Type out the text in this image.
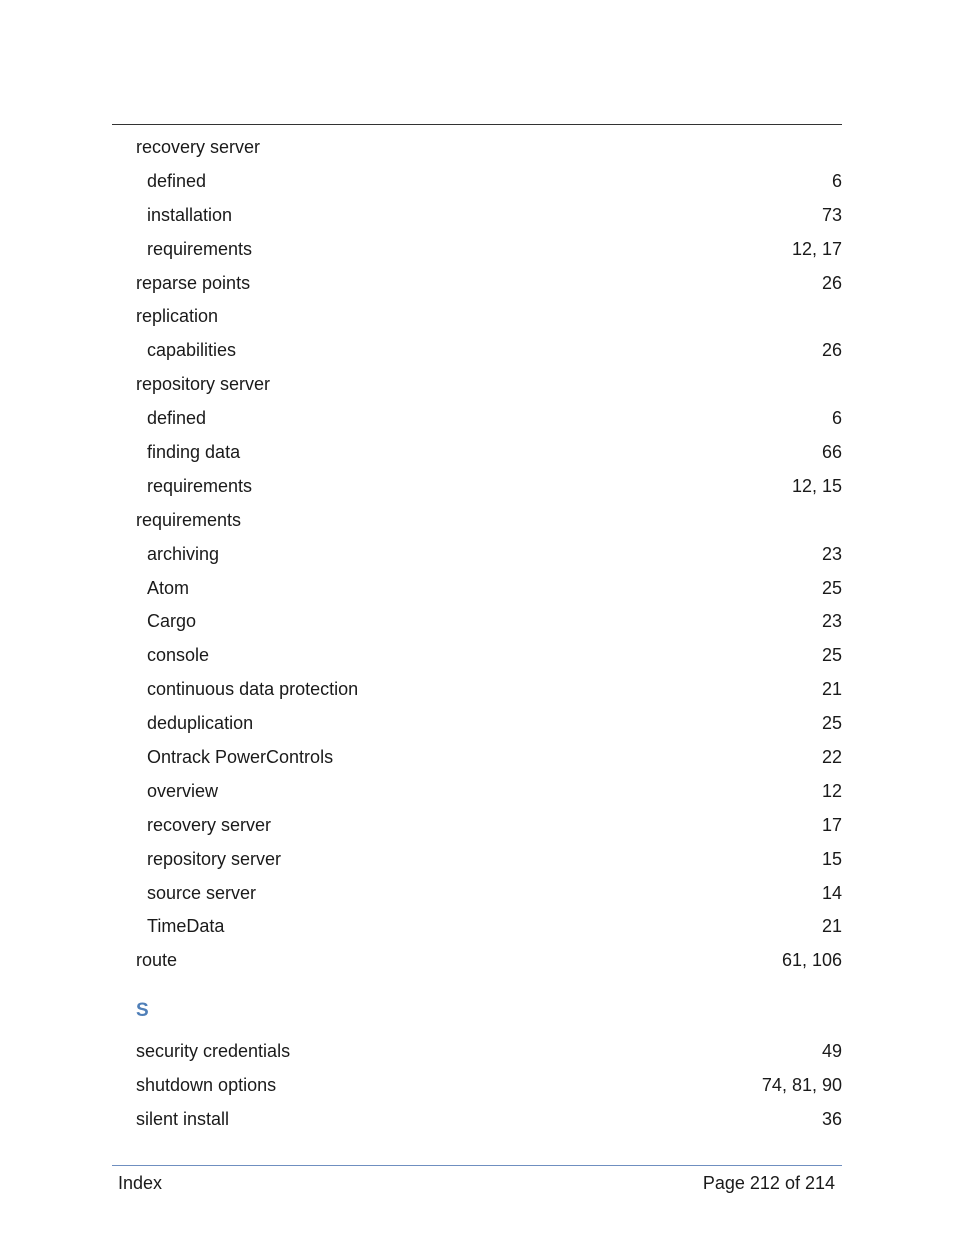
recovery server
defined	6
installation	73
requirements	12, 17
reparse points	26
replication
capabilities	26
repository server
defined	6
finding data	66
requirements	12, 15
requirements
archiving	23
Atom	25
Cargo	23
console	25
continuous data protection	21
deduplication	25
Ontrack PowerControls	22
overview	12
recovery server	17
repository server	15
source server	14
TimeData	21
route	61, 106
S
security credentials	49
shutdown options	74, 81, 90
silent install	36
Index	Page 212 of 214
